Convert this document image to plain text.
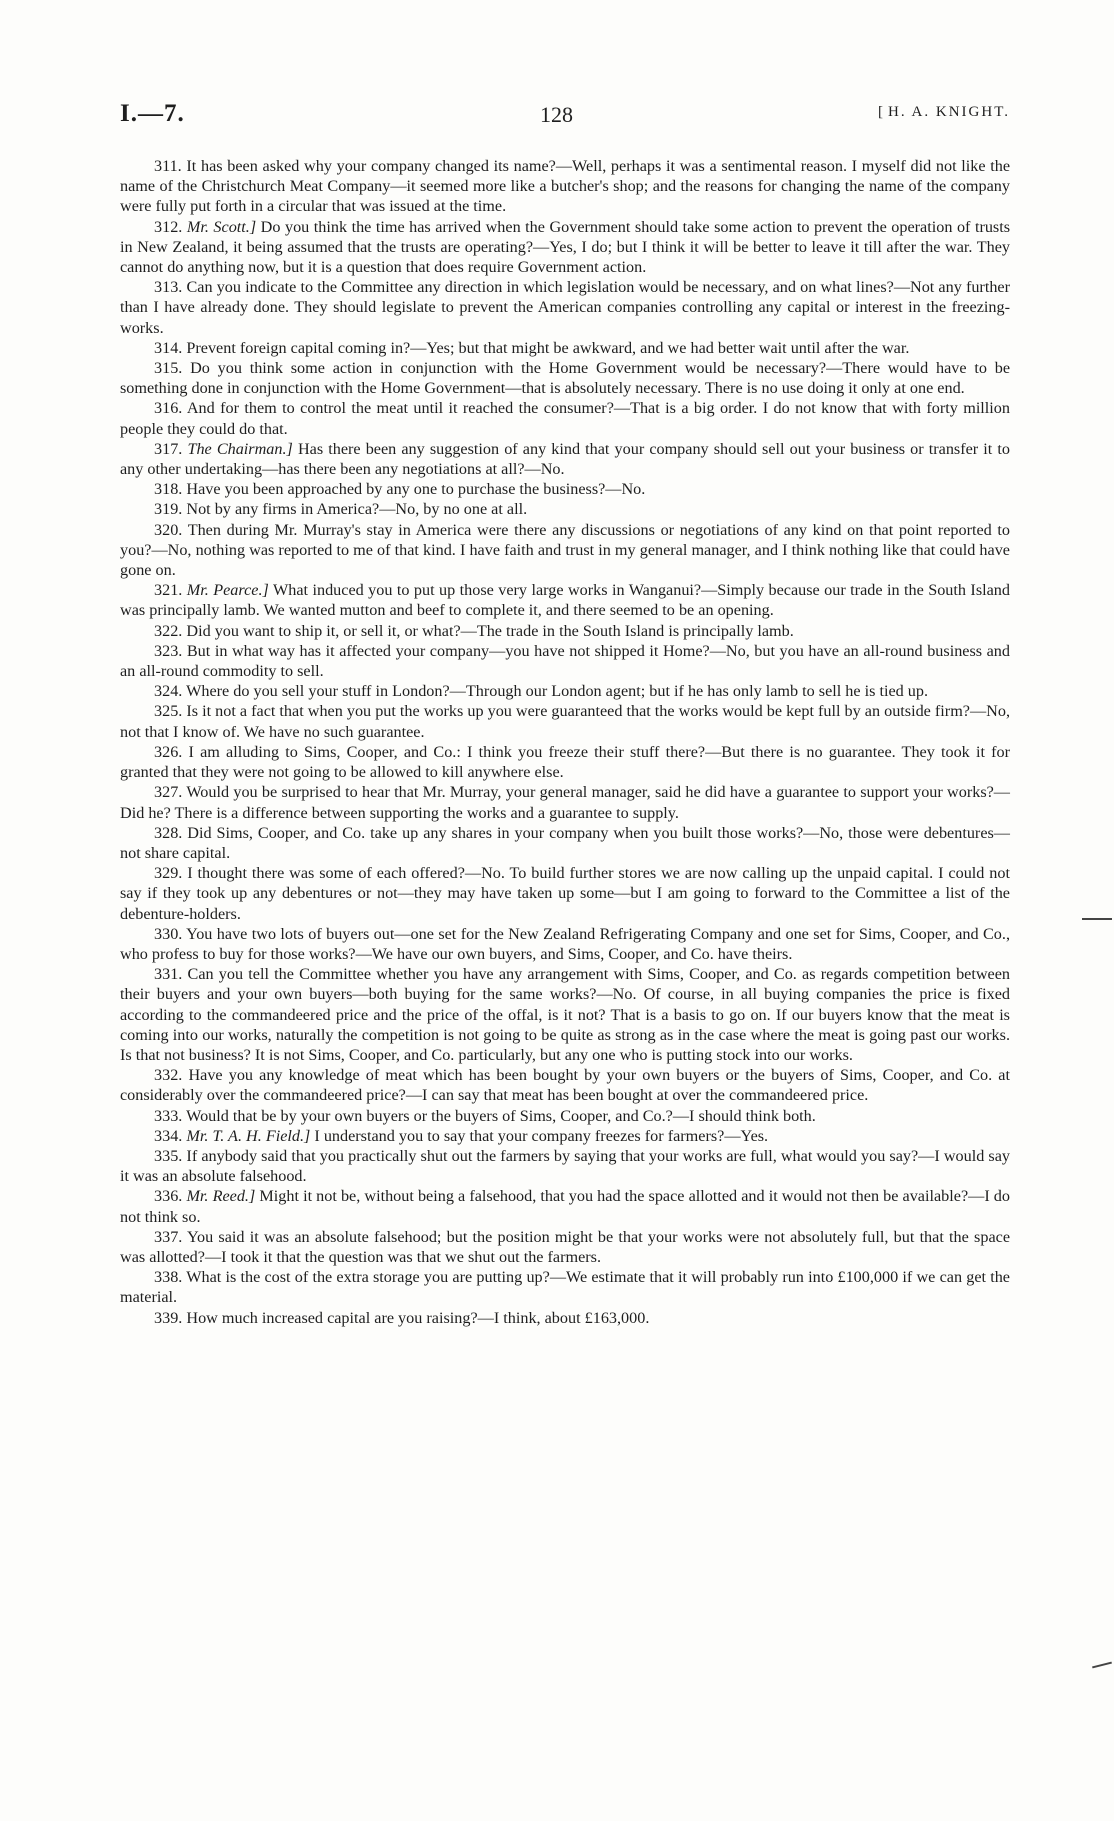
I.—7.	128
[	H. A. KNIGHT.

311. It has been asked why your company changed its name?—Well, perhaps it was a sentimental reason. I myself did not like the name of the Christchurch Meat Company—it seemed more like a butcher's shop; and the reasons for changing the name of the company were fully put forth in a circular that was issued at the time.

312. Mr. Scott.] Do you think the time has arrived when the Government should take some action to prevent the operation of trusts in New Zealand, it being assumed that the trusts are operating?—Yes, I do; but I think it will be better to leave it till after the war. They cannot do anything now, but it is a question that does require Government action.

313. Can you indicate to the Committee any direction in which legislation would be necessary, and on what lines?—Not any further than I have already done. They should legislate to prevent the American companies controlling any capital or interest in the freezing-works.

314. Prevent foreign capital coming in?—Yes; but that might be awkward, and we had better wait until after the war.

315. Do you think some action in conjunction with the Home Government would be necessary?—There would have to be something done in conjunction with the Home Government—that is absolutely necessary. There is no use doing it only at one end.

316. And for them to control the meat until it reached the consumer?—That is a big order. I do not know that with forty million people they could do that.

317. The Chairman.] Has there been any suggestion of any kind that your company should sell out your business or transfer it to any other undertaking—has there been any negotiations at all?—No.

318. Have you been approached by any one to purchase the business?—No.

319. Not by any firms in America?—No, by no one at all.

320. Then during Mr. Murray's stay in America were there any discussions or negotiations of any kind on that point reported to you?—No, nothing was reported to me of that kind. I have faith and trust in my general manager, and I think nothing like that could have gone on.

321. Mr. Pearce.] What induced you to put up those very large works in Wanganui?—Simply because our trade in the South Island was principally lamb. We wanted mutton and beef to complete it, and there seemed to be an opening.

322. Did you want to ship it, or sell it, or what?—The trade in the South Island is principally lamb.

323. But in what way has it affected your company—you have not shipped it Home?—No, but you have an all-round business and an all-round commodity to sell.

324. Where do you sell your stuff in London?—Through our London agent; but if he has only lamb to sell he is tied up.

325. Is it not a fact that when you put the works up you were guaranteed that the works would be kept full by an outside firm?—No, not that I know of. We have no such guarantee.

326. I am alluding to Sims, Cooper, and Co.: I think you freeze their stuff there?—But there is no guarantee. They took it for granted that they were not going to be allowed to kill anywhere else.

327. Would you be surprised to hear that Mr. Murray, your general manager, said he did have a guarantee to support your works?—Did he? There is a difference between supporting the works and a guarantee to supply.

328. Did Sims, Cooper, and Co. take up any shares in your company when you built those works?—No, those were debentures—not share capital.

329. I thought there was some of each offered?—No. To build further stores we are now calling up the unpaid capital. I could not say if they took up any debentures or not—they may have taken up some—but I am going to forward to the Committee a list of the debenture-holders.

330. You have two lots of buyers out—one set for the New Zealand Refrigerating Company and one set for Sims, Cooper, and Co., who profess to buy for those works?—We have our own buyers, and Sims, Cooper, and Co. have theirs.

331. Can you tell the Committee whether you have any arrangement with Sims, Cooper, and Co. as regards competition between their buyers and your own buyers—both buying for the same works?—No. Of course, in all buying companies the price is fixed according to the commandeered price and the price of the offal, is it not? That is a basis to go on. If our buyers know that the meat is coming into our works, naturally the competition is not going to be quite as strong as in the case where the meat is going past our works. Is that not business? It is not Sims, Cooper, and Co. particularly, but any one who is putting stock into our works.

332. Have you any knowledge of meat which has been bought by your own buyers or the buyers of Sims, Cooper, and Co. at considerably over the commandeered price?—I can say that meat has been bought at over the commandeered price.

333. Would that be by your own buyers or the buyers of Sims, Cooper, and Co.?—I should think both.

334. Mr. T. A. H. Field.] I understand you to say that your company freezes for farmers?—Yes.

335. If anybody said that you practically shut out the farmers by saying that your works are full, what would you say?—I would say it was an absolute falsehood.

336. Mr. Reed.] Might it not be, without being a falsehood, that you had the space allotted and it would not then be available?—I do not think so.

337. You said it was an absolute falsehood; but the position might be that your works were not absolutely full, but that the space was allotted?—I took it that the question was that we shut out the farmers.

338. What is the cost of the extra storage you are putting up?—We estimate that it will probably run into £100,000 if we can get the material.

339. How much increased capital are you raising?—I think, about £163,000.
